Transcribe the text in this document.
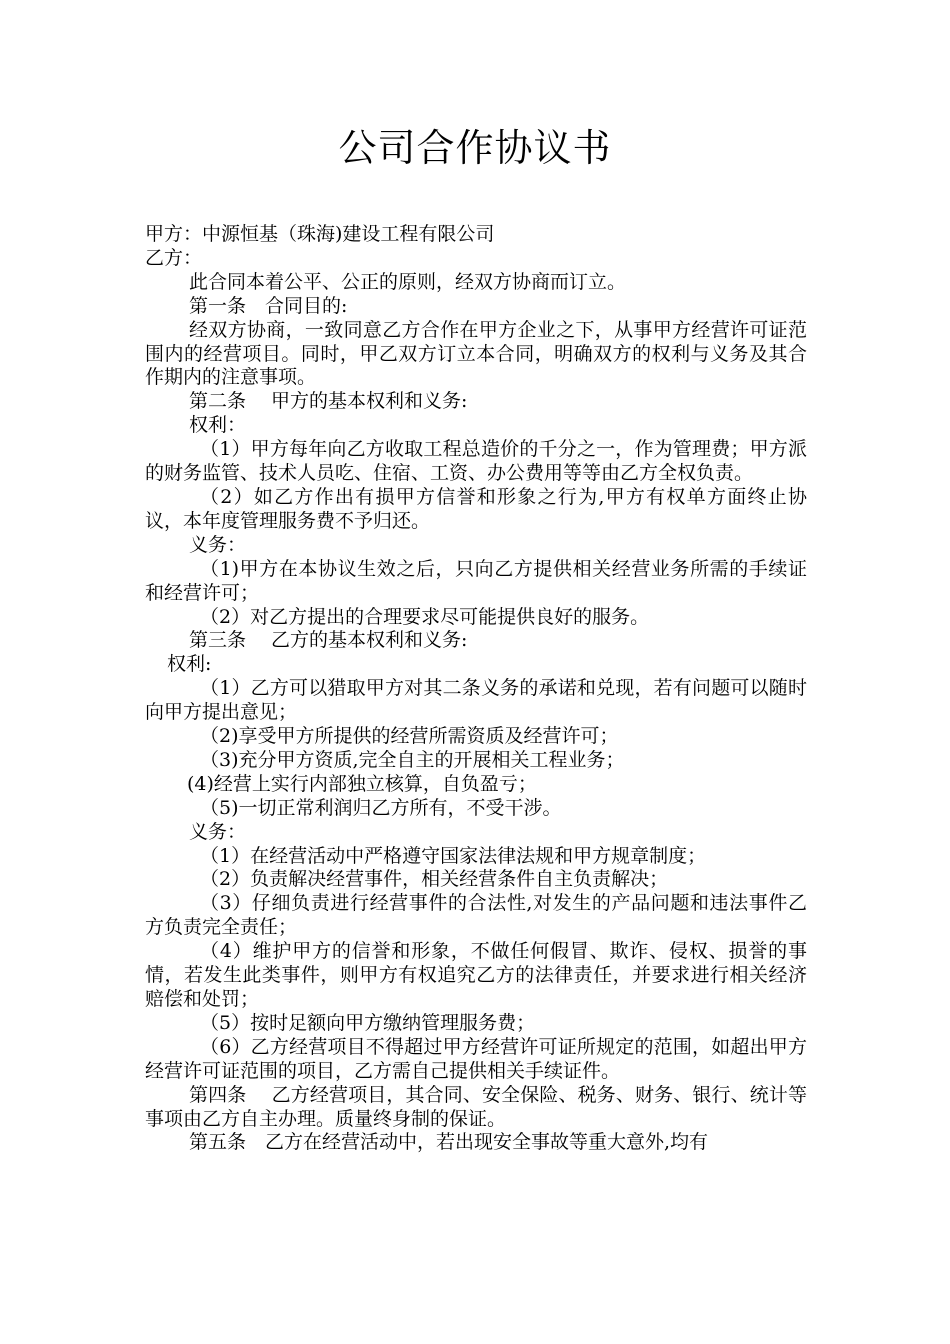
公司合作协议书

甲方：中源恒基（珠海)建设工程有限公司

乙方：

此合同本着公平、公正的原则，经双方协商而订立。

第一条　合同目的:

经双方协商，一致同意乙方合作在甲方企业之下，从事甲方经营许可证范围内的经营项目。同时，甲乙双方订立本合同，明确双方的权利与义务及其合作期内的注意事项。

第二条　 甲方的基本权利和义务:

权利：

（1）甲方每年向乙方收取工程总造价的千分之一，作为管理费；甲方派的财务监管、技术人员吃、住宿、工资、办公费用等等由乙方全权负责。

（2）如乙方作出有损甲方信誉和形象之行为,甲方有权单方面终止协议，本年度管理服务费不予归还。

义务：

（1)甲方在本协议生效之后，只向乙方提供相关经营业务所需的手续证和经营许可；

（2）对乙方提出的合理要求尽可能提供良好的服务。

第三条　 乙方的基本权利和义务:

权利:

（1）乙方可以猎取甲方对其二条义务的承诺和兑现，若有问题可以随时向甲方提出意见；

（2)享受甲方所提供的经营所需资质及经营许可；

（3)充分甲方资质,完全自主的开展相关工程业务；

(4)经营上实行内部独立核算，自负盈亏；

（5)一切正常利润归乙方所有，不受干涉。

义务：

（1）在经营活动中严格遵守国家法律法规和甲方规章制度；

（2）负责解决经营事件，相关经营条件自主负责解决；

（3）仔细负责进行经营事件的合法性,对发生的产品问题和违法事件乙方负责完全责任；

（4）维护甲方的信誉和形象，不做任何假冒、欺诈、侵权、损誉的事情，若发生此类事件，则甲方有权追究乙方的法律责任，并要求进行相关经济赔偿和处罚；

（5）按时足额向甲方缴纳管理服务费；

（6）乙方经营项目不得超过甲方经营许可证所规定的范围，如超出甲方经营许可证范围的项目，乙方需自己提供相关手续证件。

第四条　 乙方经营项目，其合同、安全保险、税务、财务、银行、统计等事项由乙方自主办理。质量终身制的保证。

第五条　乙方在经营活动中，若出现安全事故等重大意外,均有
